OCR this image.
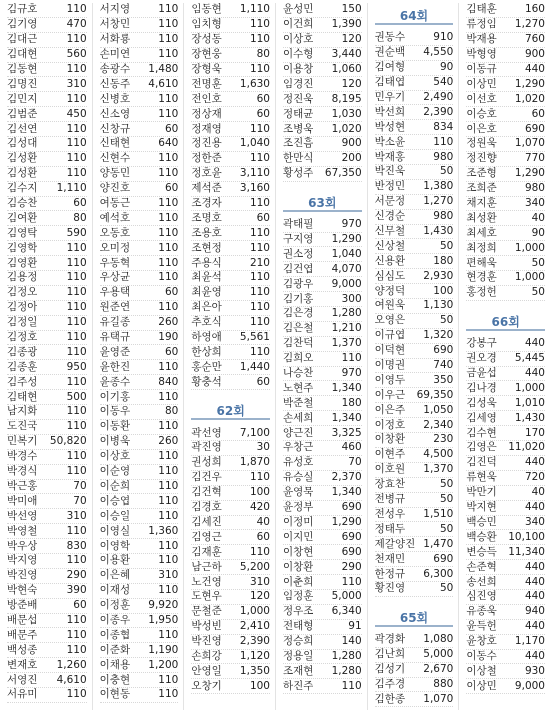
김규호	110
김기영	470
김대근	110
김대현	560
김동현	110
김명진	310
김민지	110
김범준	450
김선연	110
김성대	110
김성환	110
김성환	110
김수지 1,110
김승찬	60
김여환	80
김영탁	590
김영학	110
김영환	110
김용정	110
김정오	110
김정아	110
김정일	110
김정호	110
김종광	110
김종훈	950
김주성	110
김태현	500
남지화	110
도진국	110
민복기 50,820
박경수	110
박경식	110
박근홍	70
박미애	70
박선영	310
박영철	110
박우상	830
박지영	110
박진영	290
박현숙	390
방준배	60
배문섭	110
배문주	110
백성종	110
변재호 1,260
서영진 4,610
서유미	110
서지영	110
서창민	110
서화룡	110
손미연	110
송광수 1,480
신동주 4,610
신병호	110
신소영	110
신창규	60
신태현	640
신현수	110
양동민	110
양진호	60
여동근	110
예석호	110
오동호	110
오미정	110
우동혁	110
우상균	110
우용택	60
원준연	110
유길종	260
유택규	190
윤영준	60
윤한진	110
윤종수	840
이기홍	110
이동우	80
이동환	110
이병욱	260
이상호	110
이순영	110
이순희	110
이승엽	110
이승일	110
이영실 1,360
이영학	110
이용환	110
이은혜	310
이재성	110
이정훈 9,920
이종우 1,950
이종협	110
이준화 1,190
이채용 1,200
이충현	110
이현동	110
임동현 1,110
임치형	110
장성동	110
장현웅	80
장형욱	110
전명훈 1,630
전인호	60
정상재	60
정재영	110
정진용 1,040
정한준	110
정호윤 3,110
제석준 3,160
조경자	110
조명호	60
조용호	110
조현정	110
주용식	210
최윤석	110
최윤영	110
최은아	110
추호식	110
하영애 5,561
한상희	110
홍순만 1,440
황충석	60
62회
곽선영 7,100
곽진영	30
권성희 1,870
김건우	110
김건혁	100
김경호	420
김세진	40
김영근	60
김재훈	110
남근하 5,200
노건영	310
도현우	120
문철준 1,000
박성빈 2,410
박진영 2,390
손희강 1,120
안영일 1,350
오창기	100
윤성민	150
이건희 1,390
이상호	120
이수형 3,440
이용창 1,060
임경진	120
정진욱 8,195
정태균 1,030
조병욱 1,020
조진흠	900
한만식	200
황성주 67,350
63회
곽태필	970
구지영 1,290
권소정 1,040
김건엽 4,070
김광우 9,000
김기홍	300
김은경 1,280
김은철 1,210
김찬덕 1,370
김희오	110
나승찬	970
노현주 1,340
박준철	180
손세희 1,340
양근진 3,325
우창근	460
유성호	70
유승실 2,370
윤영묵 1,340
윤정부	690
이정미 1,290
이지민	690
이창현	690
이창환	290
이춘희	110
임정훈 5,000
정우조 6,340
전태형	91
정승희	140
정용일 1,280
조재현 1,280
하진주	110
64회
권동수	910
권순백 4,550
김여형	90
김태엽	540
민우기 2,490
박선희 2,390
박성현	834
박소윤	110
박재홍	980
박진욱	50
반정민 1,380
서문정 1,270
신경순	980
신무철 1,430
신상철	50
신용환	180
심심도 2,930
양정덕	100
여원욱 1,130
오영은	50
이규엽 1,320
이덕현	690
이명권	740
이영두	350
이우근 69,350
이은주 1,050
이정호 2,340
이창환	230
이현주 4,500
이호원 1,370
장효찬	50
전병규	50
전성우 1,510
정태두	50
제갈양진 1,470
천재민	690
한정규 6,300
황진영	50
65회
곽경화 1,080
김난희 5,000
김성기 2,670
김주경	880
김한종 1,070
김태훈	160
류정임 1,270
박재용	760
박형영	900
이동규	440
이상민 1,290
이선호 1,020
이승호	60
이은호	690
정원욱 1,070
정진향	770
조준형 1,290
조희준	980
채지훈	340
최성환	40
최세호	90
최정희 1,000
편해욱	50
현경훈 1,000
홍정헌	50
66회
강봉구	440
권오경 5,445
금윤섭	440
김나경 1,000
김성욱 1,010
김세영 1,430
김수현	170
김영은 11,020
김진덕	440
류현욱	720
박만기	40
박지현	440
백승민	340
백승환 10,100
변승득 11,340
손준혁	440
송선희	440
심진영	440
유종욱	940
윤득헌	440
윤창호 1,170
이동수	440
이상철	930
이상민 9,000
